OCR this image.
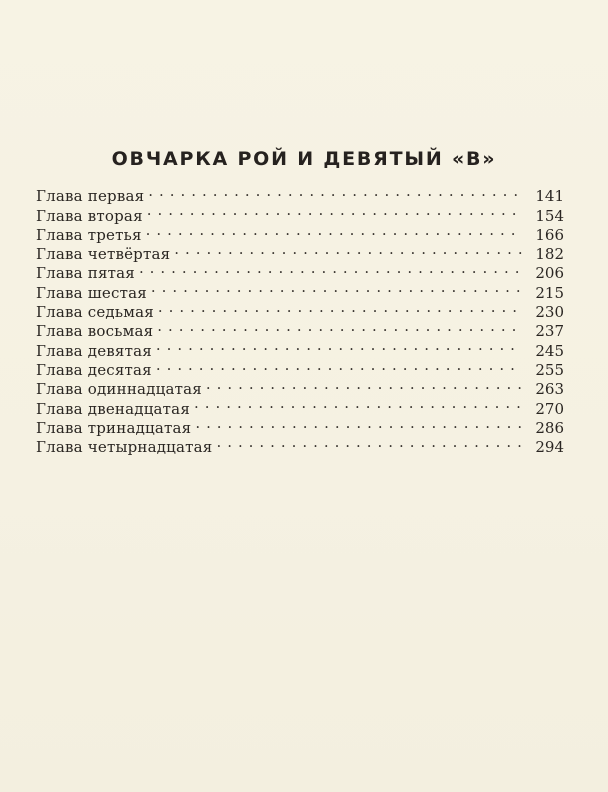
ОВЧАРКА РОЙ И ДЕВЯТЫЙ «В»
Глава первая . . .	141
Глава вторая . . .	154
Глава третья . . .	166
Глава четвёртая . . .	182
Глава пятая . . .	206
Глава шестая . . .	215
Глава седьмая . . .	230
Глава восьмая . . .	237
Глава девятая . . .	245
Глава десятая . . .	255
Глава одиннадцатая . . .	263
Глава двенадцатая . . .	270
Глава тринадцатая . . .	286
Глава четырнадцатая . . .	294
